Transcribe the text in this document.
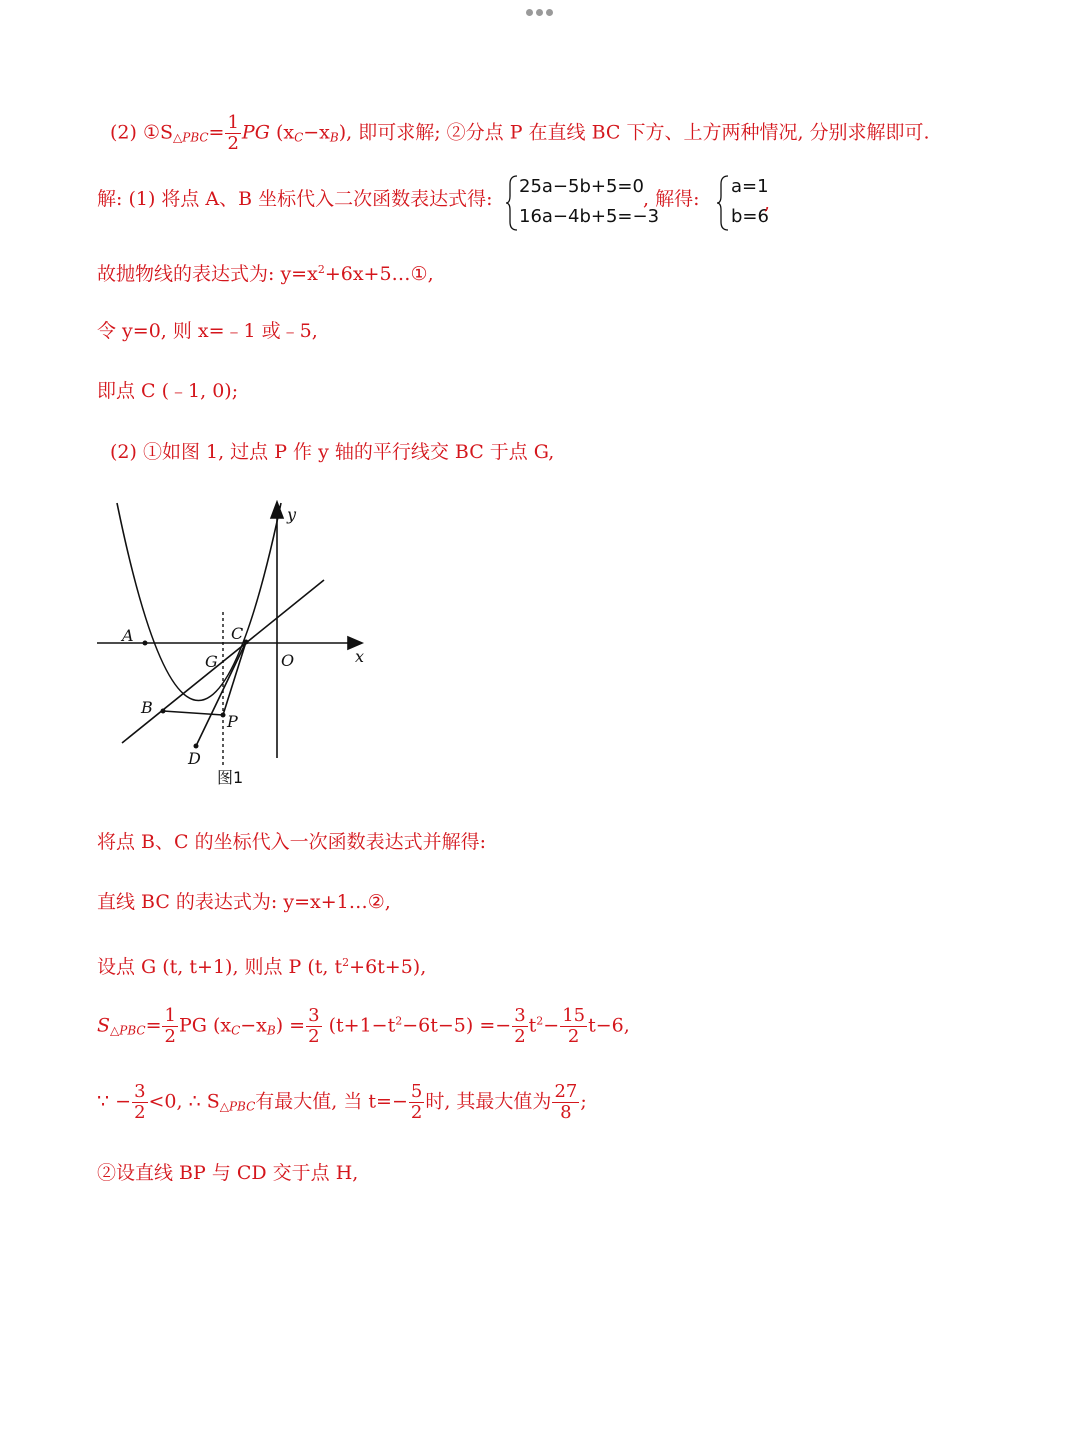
(2) $①S_{\triangle PBC}= \frac{1}{2}$ PG $(x_C-x_B)$, 即可求解; ②分点 P 在直线 BC 下方、上方两种情况, 分别求解即可.
解: (1) 将点 A、B 坐标代入二次函数表达式得:
25a−5b+5=0
16a−4b+5=−3
, 解得:
a=1
b=6
,
故抛物线的表达式为: $y=x^2+6x+5\dots ①$,
令 y=0, 则 x=﹣1 或﹣5,
即点 C (﹣1, 0);
(2) ①如图 1, 过点 P 作 y 轴的平行线交 BC 于点 G,
A	C
G	O	x
y
B
P
D
图1
将点 B、C 的坐标代入一次函数表达式并解得:
直线 BC 的表达式为: y=x+1…②,
设点 G (t, t+1), 则点 P (t, $t^2+6t+5$),
$S_{\triangle PBC}= \frac{1}{2}$ PG $(x_C-x_B) = \frac{3}{2} (t+1-t^2-6t-5) =- \frac{3}{2} t^2- \frac{15}{2} t-6$,
∵ − $\frac{3}{2} <0$, ∴ $S_{\triangle PBC}$有最大值, 当 $t=- \frac{5}{2}$ 时, 其最大值为 $\frac{27}{8}$ ;
②设直线 BP 与 CD 交于点 H,
